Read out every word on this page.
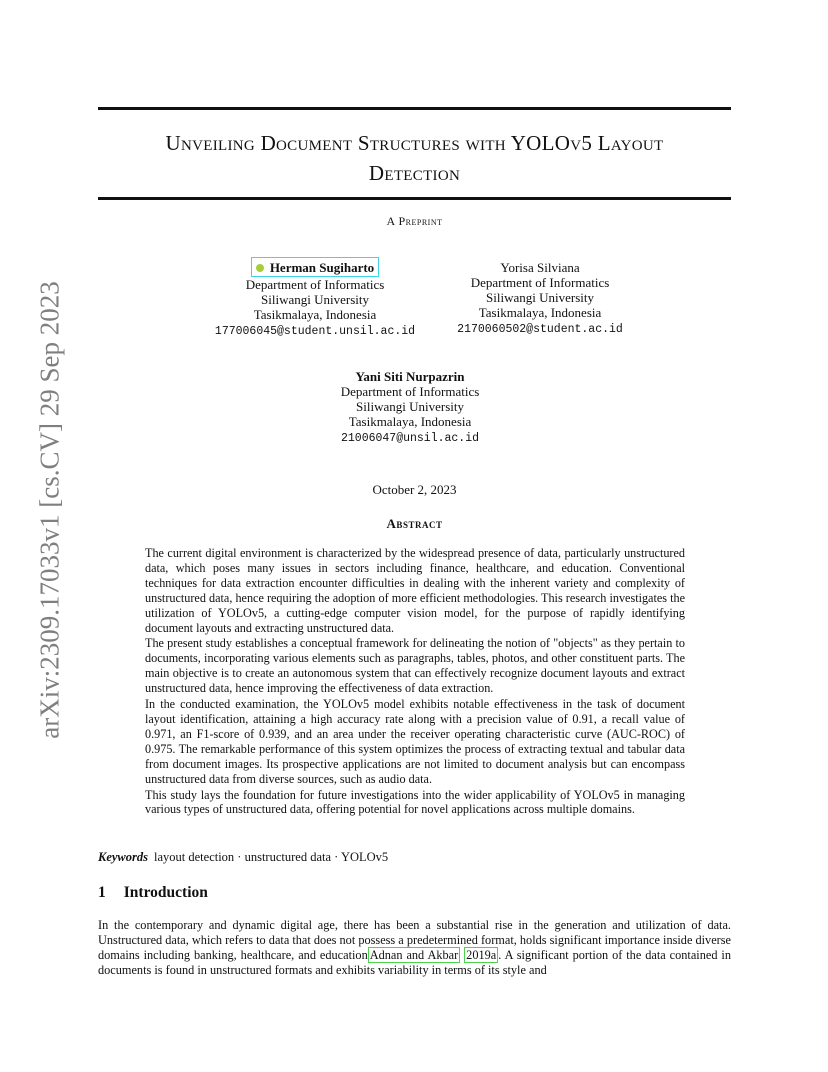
arXiv:2309.17033v1 [cs.CV] 29 Sep 2023
Unveiling Document Structures with YOLOv5 Layout
Detection
A Preprint
Herman Sugiharto
Department of Informatics
Siliwangi University
Tasikmalaya, Indonesia
177006045@student.unsil.ac.id
Yorisa Silviana
Department of Informatics
Siliwangi University
Tasikmalaya, Indonesia
2170060502@student.ac.id
Yani Siti Nurpazrin
Department of Informatics
Siliwangi University
Tasikmalaya, Indonesia
21006047@unsil.ac.id
October 2, 2023
Abstract

The current digital environment is characterized by the widespread presence of data, particularly unstructured data, which poses many issues in sectors including finance, healthcare, and education. Conventional techniques for data extraction encounter difficulties in dealing with the inherent variety and complexity of unstructured data, hence requiring the adoption of more efficient methodologies. This research investigates the utilization of YOLOv5, a cutting-edge computer vision model, for the purpose of rapidly identifying document layouts and extracting unstructured data.

The present study establishes a conceptual framework for delineating the notion of "objects" as they pertain to documents, incorporating various elements such as paragraphs, tables, photos, and other constituent parts. The main objective is to create an autonomous system that can effectively recognize document layouts and extract unstructured data, hence improving the effectiveness of data extraction.

In the conducted examination, the YOLOv5 model exhibits notable effectiveness in the task of document layout identification, attaining a high accuracy rate along with a precision value of 0.91, a recall value of 0.971, an F1-score of 0.939, and an area under the receiver operating characteristic curve (AUC-ROC) of 0.975. The remarkable performance of this system optimizes the process of extracting textual and tabular data from document images. Its prospective applications are not limited to document analysis but can encompass unstructured data from diverse sources, such as audio data.

This study lays the foundation for future investigations into the wider applicability of YOLOv5 in managing various types of unstructured data, offering potential for novel applications across multiple domains.

Keywords layout detection · unstructured data · YOLOv5
1 Introduction
In the contemporary and dynamic digital age, there has been a substantial rise in the generation and utilization of data. Unstructured data, which refers to data that does not possess a predetermined format, holds significant importance inside diverse domains including banking, healthcare, and education Adnan and Akbar 2019a . A significant portion of the data contained in documents is found in unstructured formats and exhibits variability in terms of its style and
